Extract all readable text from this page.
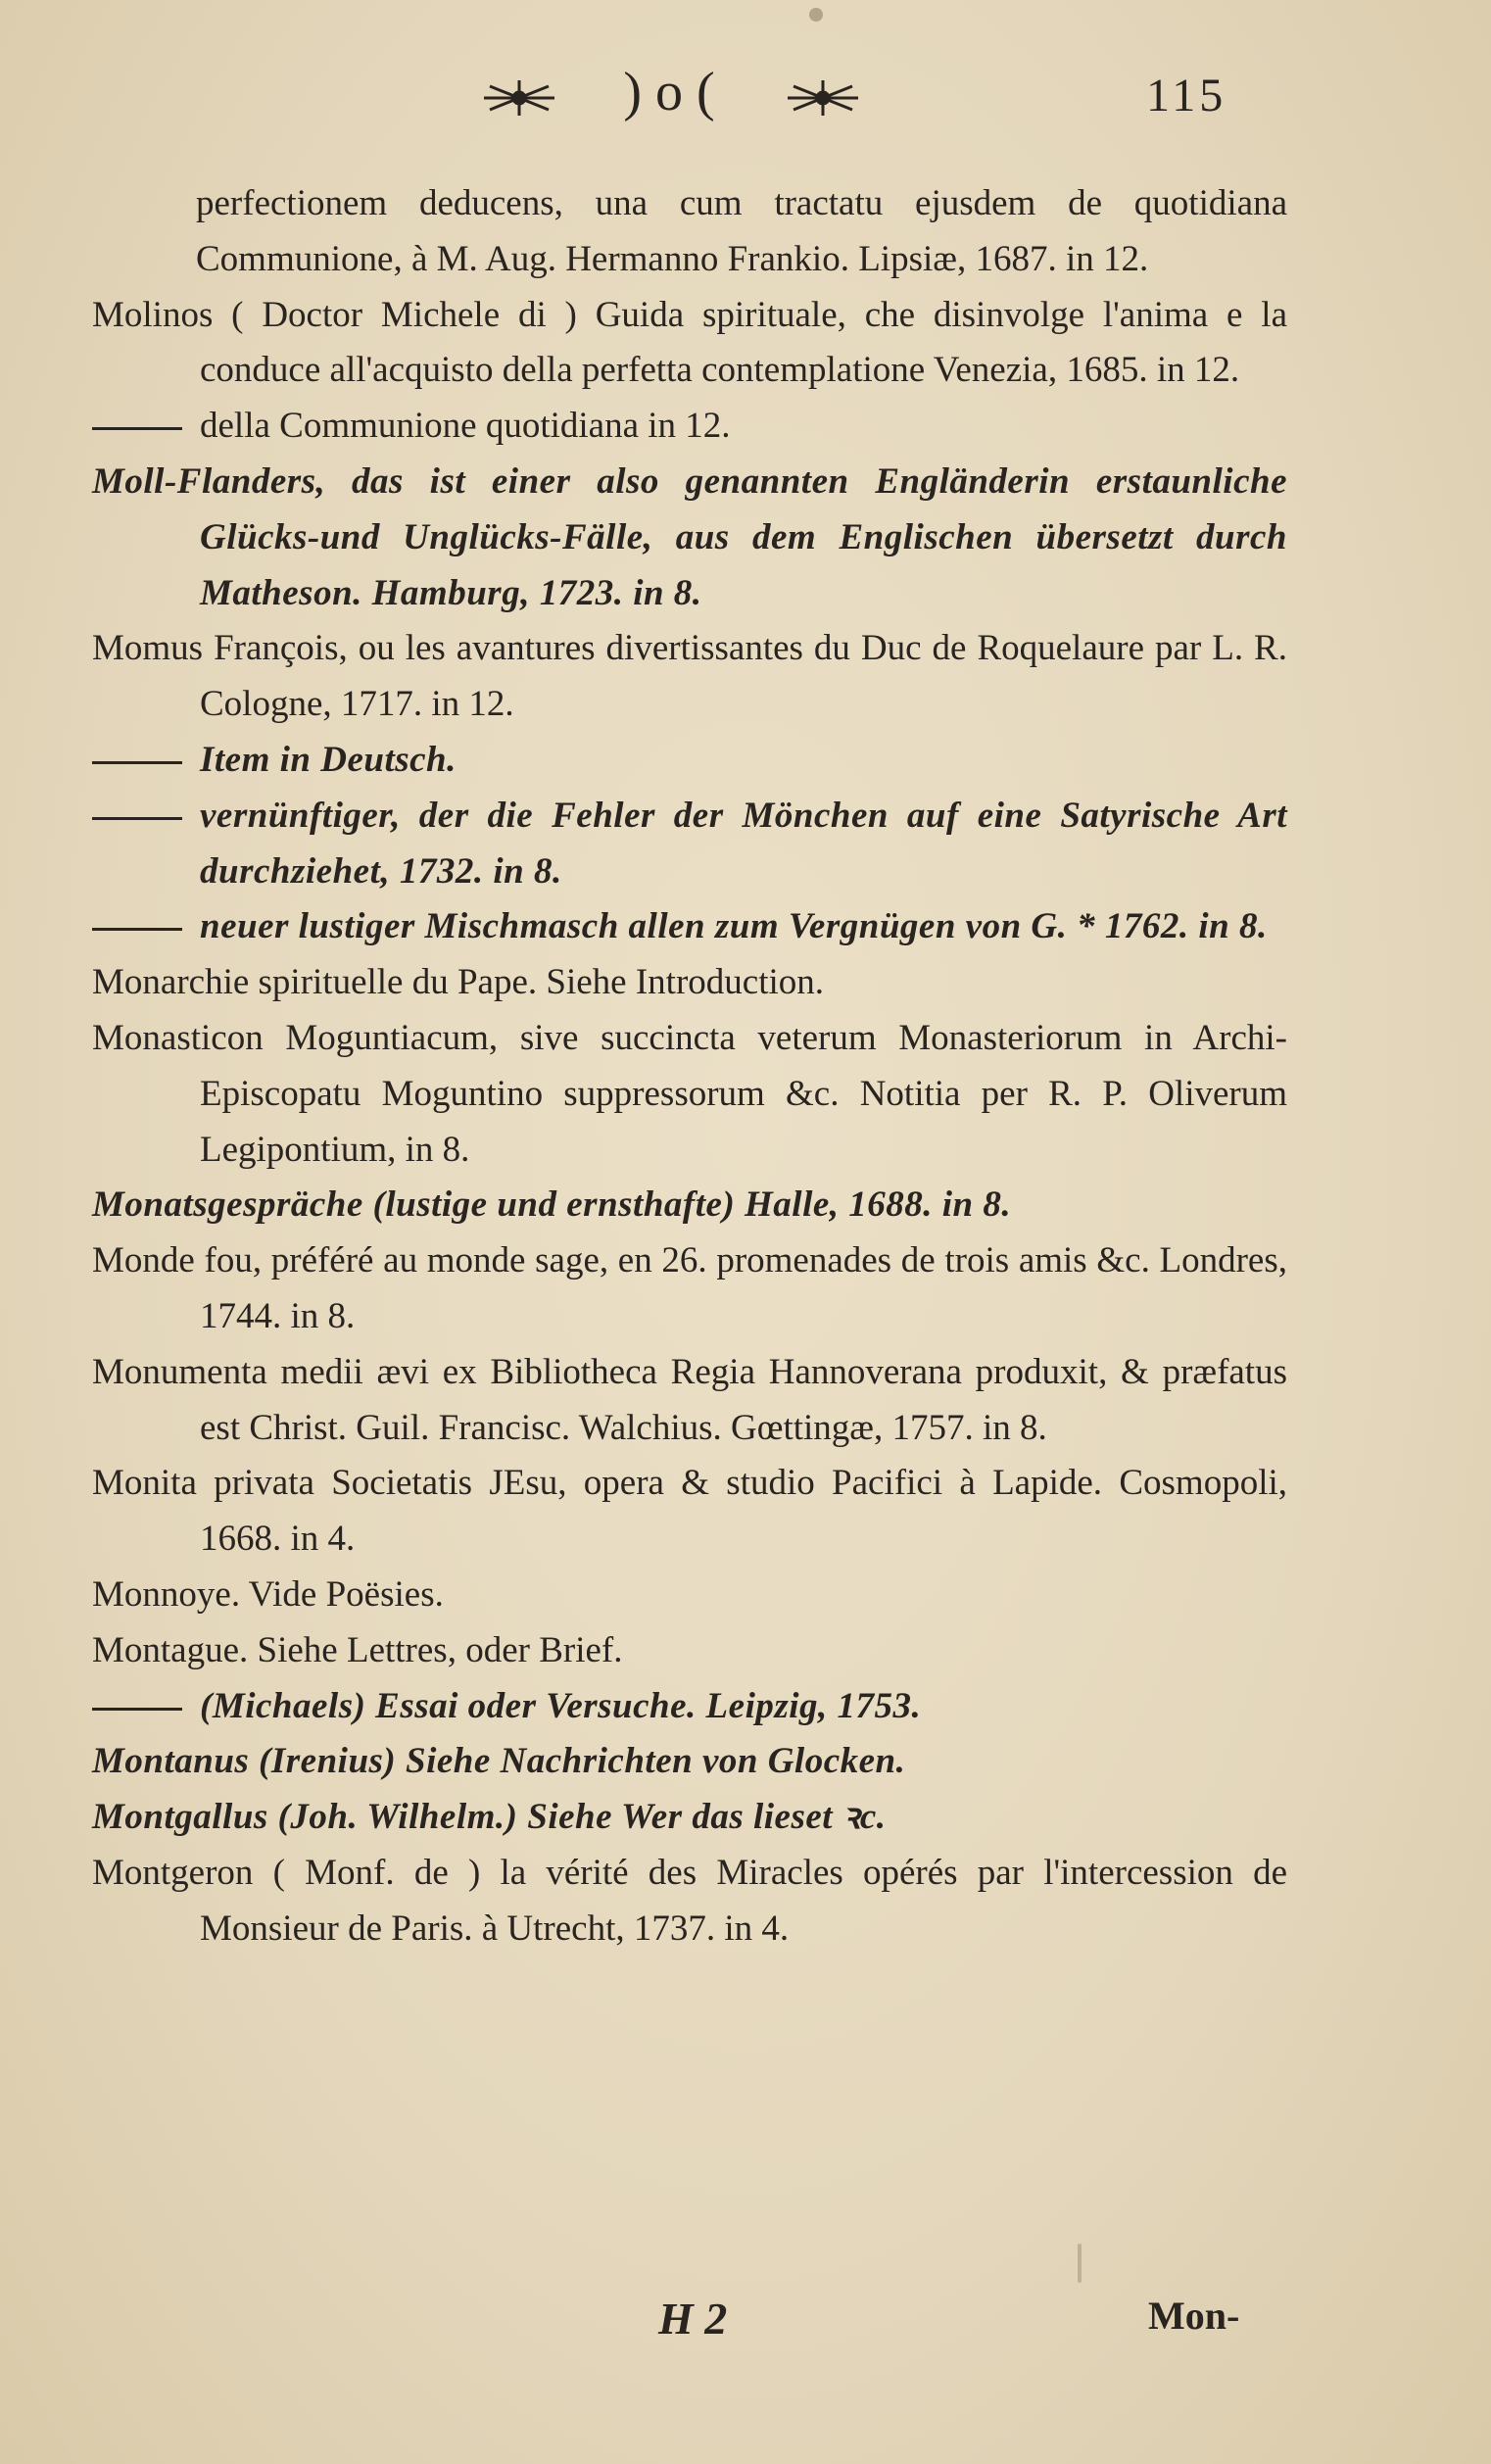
)o(	115

perfectionem deducens, una cum tractatu ejusdem de quotidiana Communione, à M. Aug. Hermanno Frankio. Lipsiæ, 1687. in 12.

Molinos ( Doctor Michele di ) Guida spirituale, che disinvolge l'anima e la conduce all'acquisto della perfetta contemplatione Venezia, 1685. in 12.

della Communione quotidiana in 12.

Moll-Flanders, das ist einer also genannten Engländerin erstaunliche Glücks-und Unglücks-Fälle, aus dem Englischen übersetzt durch Matheson. Hamburg, 1723. in 8.

Momus François, ou les avantures divertissantes du Duc de Roquelaure par L. R. Cologne, 1717. in 12.

Item in Deutsch.

vernünftiger, der die Fehler der Mönchen auf eine Satyrische Art durchziehet, 1732. in 8.

neuer lustiger Mischmasch allen zum Vergnügen von G. * 1762. in 8.

Monarchie spirituelle du Pape. Siehe Introduction.

Monasticon Moguntiacum, sive succincta veterum Monasteriorum in Archi-Episcopatu Moguntino suppressorum &c. Notitia per R. P. Oliverum Legipontium, in 8.

Monatsgespräche (lustige und ernsthafte) Halle, 1688. in 8.

Monde fou, préféré au monde sage, en 26. promenades de trois amis &c. Londres, 1744. in 8.

Monumenta medii ævi ex Bibliotheca Regia Hannoverana produxit, & præfatus est Christ. Guil. Francisc. Walchius. Gœttingæ, 1757. in 8.

Monita privata Societatis JEsu, opera & studio Pacifici à Lapide. Cosmopoli, 1668. in 4.

Monnoye. Vide Poësies.

Montague. Siehe Lettres, oder Brief.

(Michaels) Essai oder Versuche. Leipzig, 1753.

Montanus (Irenius) Siehe Nachrichten von Glocken.

Montgallus (Joh. Wilhelm.) Siehe Wer das lieset ꝛc.

Montgeron ( Monf. de ) la vérité des Miracles opérés par l'intercession de Monsieur de Paris. à Utrecht, 1737. in 4.

H 2	Mon-
